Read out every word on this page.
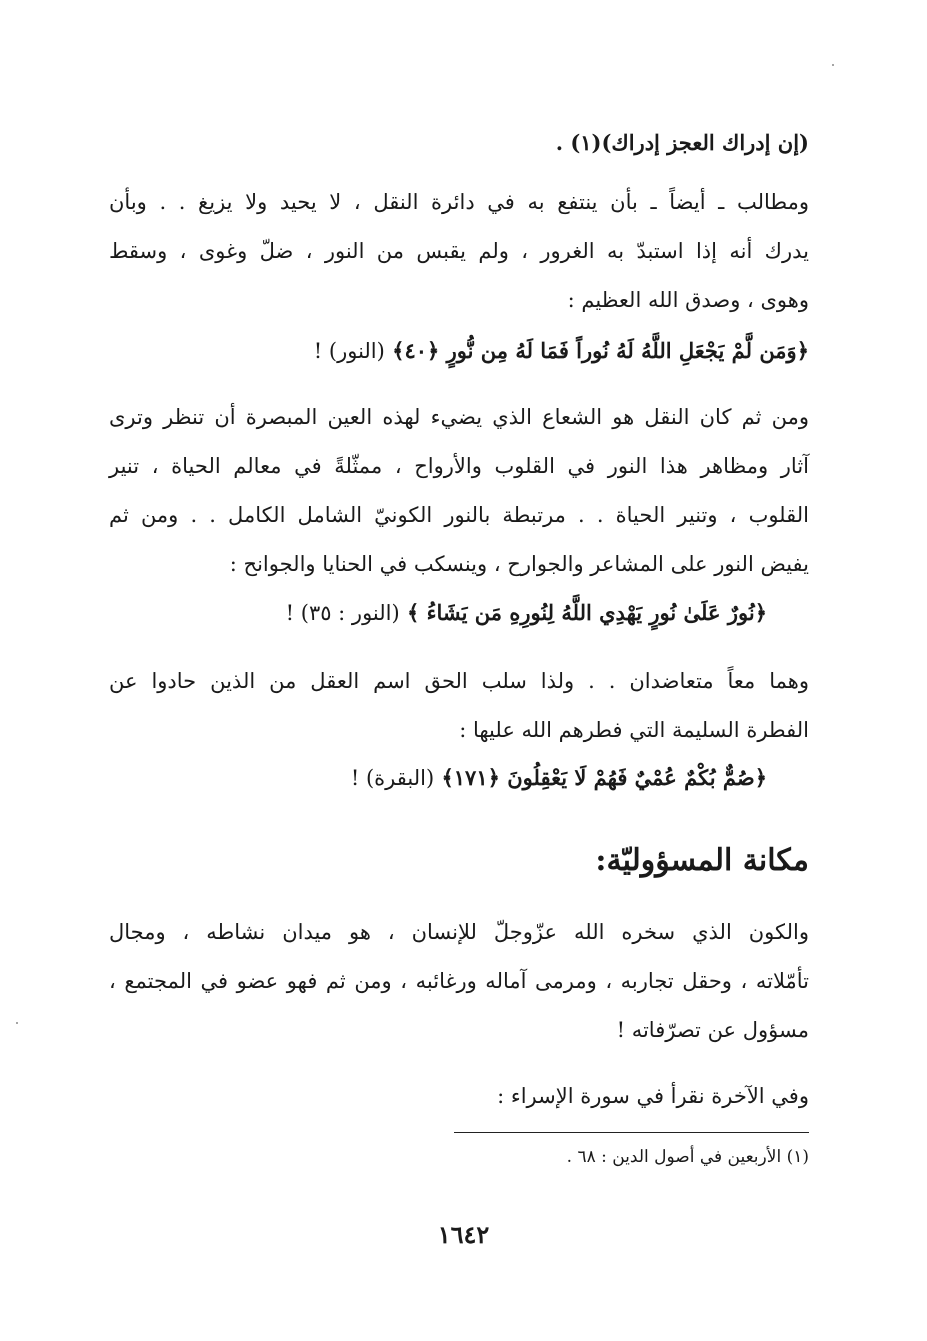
(إن إدراك العجز إدراك)(١) .
ومطالب ـ أيضاً ـ بأن ينتفع به في دائرة النقل ، لا يحيد ولا يزيغ . . وبأن
يدرك أنه إذا استبدّ به الغرور ، ولم يقبس من النور ، ضلّ وغوى ، وسقط
وهوى ، وصدق الله العظيم :
﴿وَمَن لَّمْ يَجْعَلِ اللَّهُ لَهُ نُوراً فَمَا لَهُ مِن نُّورٍ ﴿٤٠﴾ (النور) !
ومن ثم كان النقل هو الشعاع الذي يضيء لهذه العين المبصرة أن تنظر وترى
آثار ومظاهر هذا النور في القلوب والأرواح ، ممثّلةً في معالم الحياة ، تنير
القلوب ، وتنير الحياة . . مرتبطة بالنور الكونيّ الشامل الكامل . . ومن ثم
يفيض النور على المشاعر والجوارح ، وينسكب في الحنايا والجوانح :
﴿نُورٌ عَلَىٰ نُورٍ يَهْدِي اللَّهُ لِنُورِهِ مَن يَشَاءُ ﴾ (النور : ٣٥) !
وهما معاً متعاضدان . . ولذا سلب الحق اسم العقل من الذين حادوا عن
الفطرة السليمة التي فطرهم الله عليها :
﴿صُمٌّ بُكْمٌ عُمْيٌ فَهُمْ لَا يَعْقِلُونَ ﴿١٧١﴾ (البقرة) !
مكانة المسؤوليّة:
والكون الذي سخره الله عزّوجلّ للإنسان ، هو ميدان نشاطه ، ومجال
تأمّلاته ، وحقل تجاربه ، ومرمى آماله ورغائبه ، ومن ثم فهو عضو في المجتمع ،
مسؤول عن تصرّفاته !
وفي الآخرة نقرأ في سورة الإسراء :
(١) الأربعين في أصول الدين : ٦٨ .
١٦٤٢
